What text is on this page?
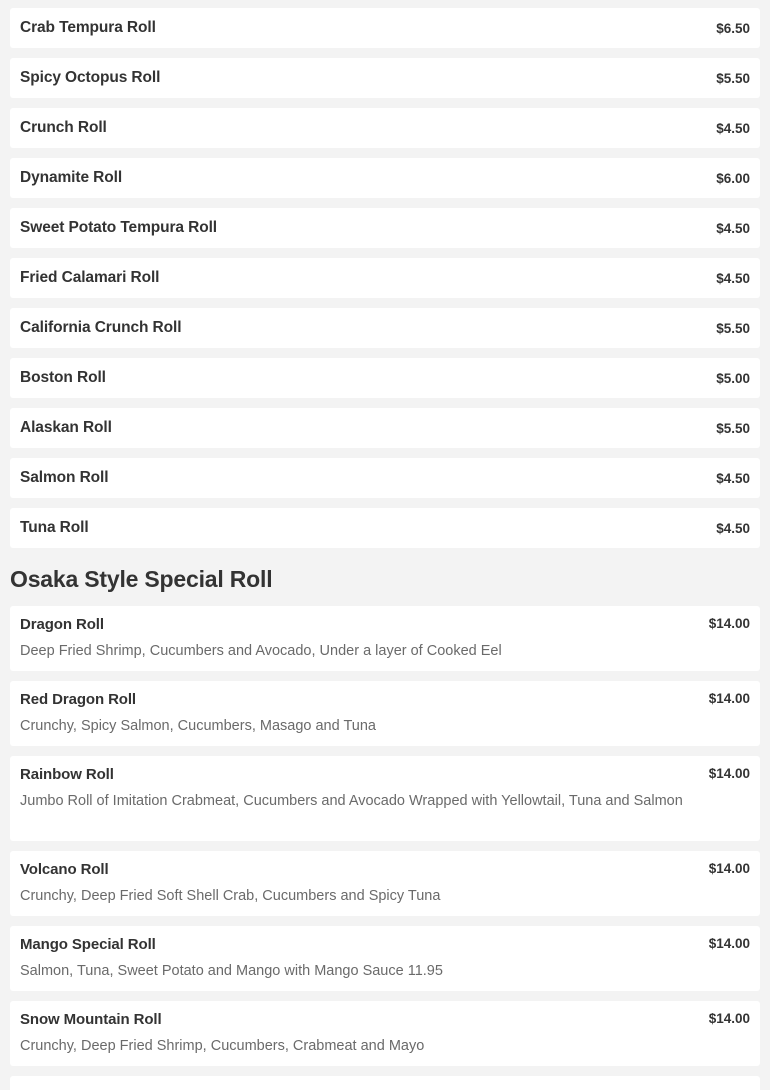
Crab Tempura Roll	$6.50
Spicy Octopus Roll	$5.50
Crunch Roll	$4.50
Dynamite Roll	$6.00
Sweet Potato Tempura Roll	$4.50
Fried Calamari Roll	$4.50
California Crunch Roll	$5.50
Boston Roll	$5.00
Alaskan Roll	$5.50
Salmon Roll	$4.50
Tuna Roll	$4.50
Osaka Style Special Roll
Dragon Roll	$14.00
Deep Fried Shrimp, Cucumbers and Avocado, Under a layer of Cooked Eel
Red Dragon Roll	$14.00
Crunchy, Spicy Salmon, Cucumbers, Masago and Tuna
Rainbow Roll	$14.00
Jumbo Roll of Imitation Crabmeat, Cucumbers and Avocado Wrapped with Yellowtail, Tuna and Salmon
Volcano Roll	$14.00
Crunchy, Deep Fried Soft Shell Crab, Cucumbers and Spicy Tuna
Mango Special Roll	$14.00
Salmon, Tuna, Sweet Potato and Mango with Mango Sauce 11.95
Snow Mountain Roll	$14.00
Crunchy, Deep Fried Shrimp, Cucumbers, Crabmeat and Mayo
